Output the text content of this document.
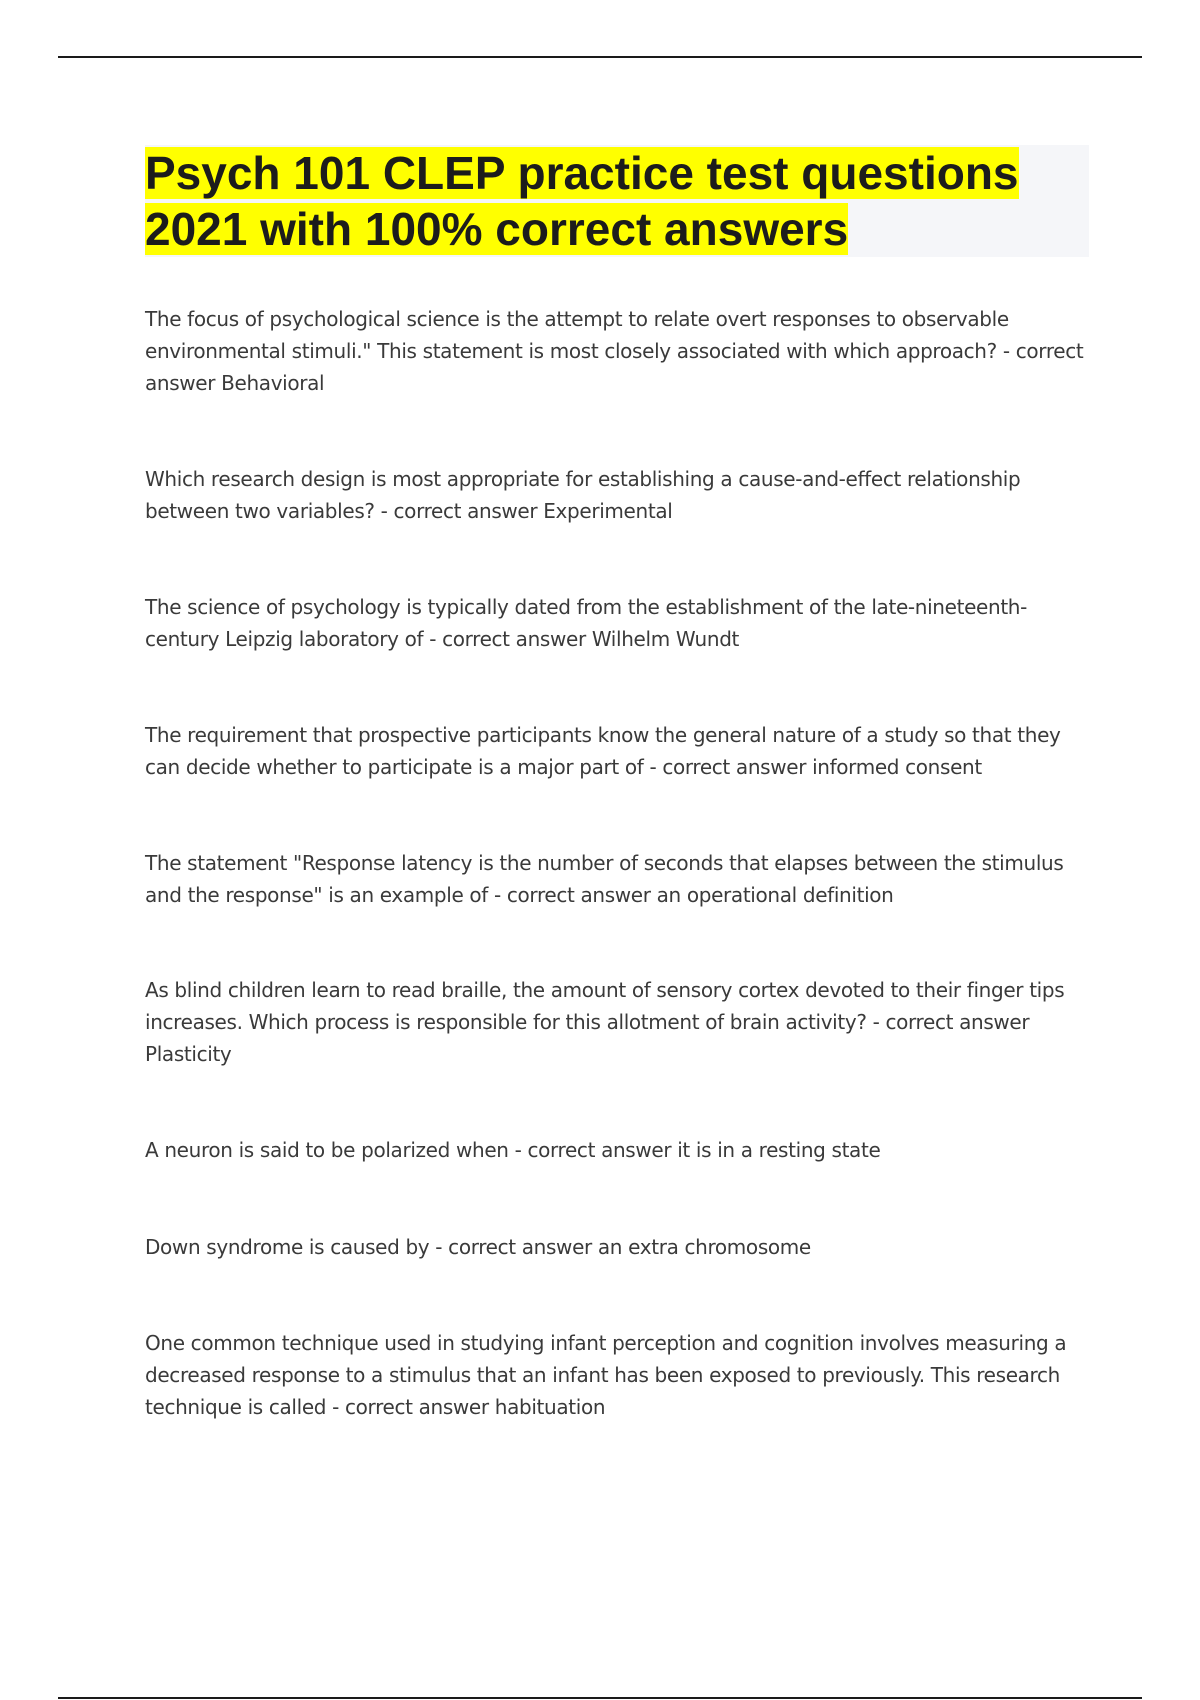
Psych 101 CLEP practice test questions
2021 with 100% correct answers

The focus of psychological science is the attempt to relate overt responses to observable environmental stimuli." This statement is most closely associated with which approach? - correct answer Behavioral

Which research design is most appropriate for establishing a cause-and-effect relationship between two variables? - correct answer Experimental

The science of psychology is typically dated from the establishment of the late-nineteenth-century Leipzig laboratory of - correct answer Wilhelm Wundt

The requirement that prospective participants know the general nature of a study so that they can decide whether to participate is a major part of - correct answer informed consent

The statement "Response latency is the number of seconds that elapses between the stimulus and the response" is an example of - correct answer an operational definition

As blind children learn to read braille, the amount of sensory cortex devoted to their finger tips increases. Which process is responsible for this allotment of brain activity? - correct answer Plasticity

A neuron is said to be polarized when - correct answer it is in a resting state

Down syndrome is caused by - correct answer an extra chromosome

One common technique used in studying infant perception and cognition involves measuring a decreased response to a stimulus that an infant has been exposed to previously. This research technique is called - correct answer habituation
